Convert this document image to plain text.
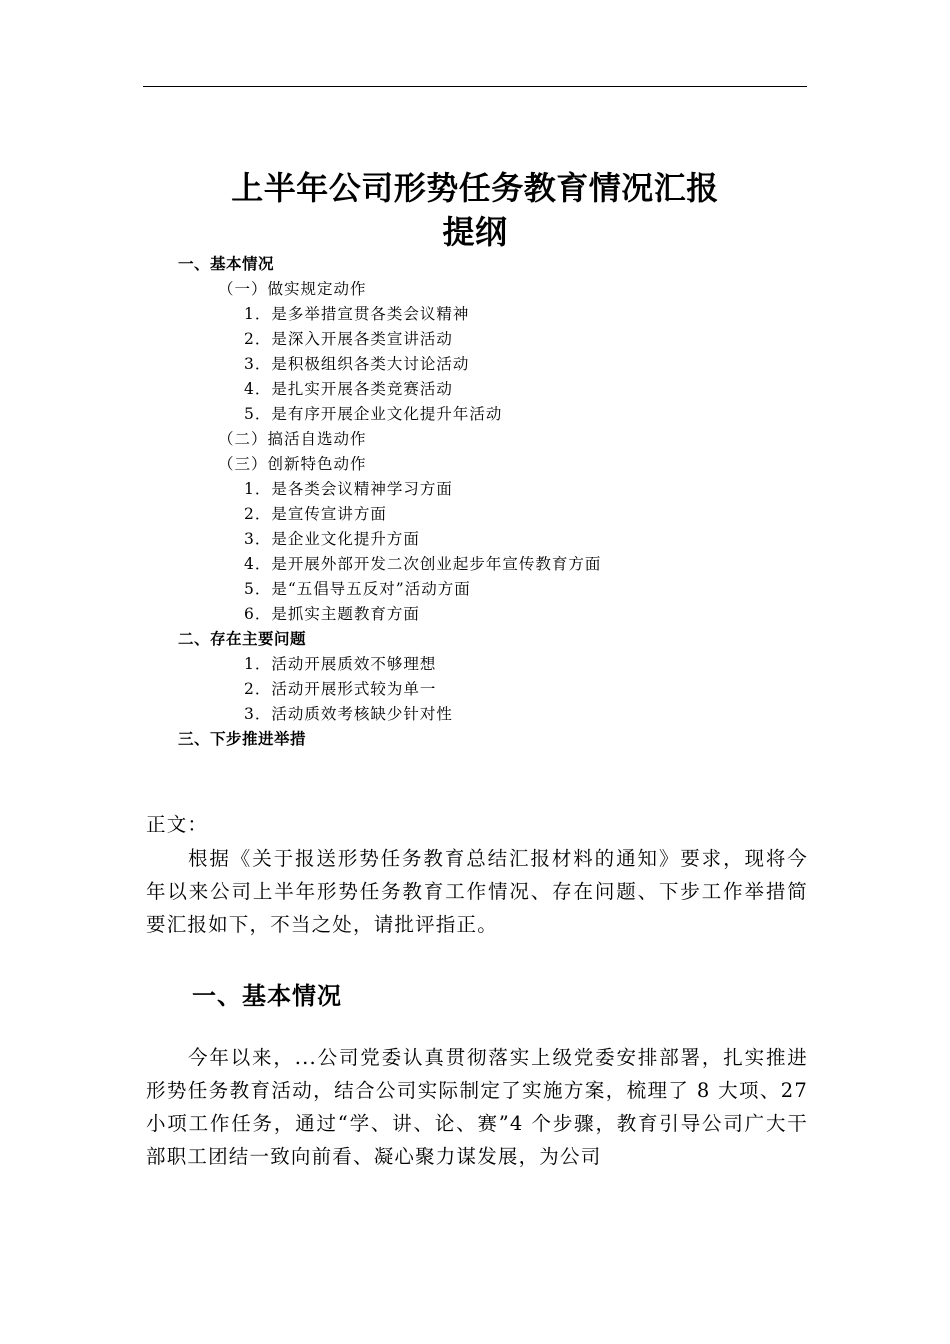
上半年公司形势任务教育情况汇报
提纲
一、基本情况
（一）做实规定动作
1．是多举措宣贯各类会议精神
2．是深入开展各类宣讲活动
3．是积极组织各类大讨论活动
4．是扎实开展各类竞赛活动
5．是有序开展企业文化提升年活动
（二）搞活自选动作
（三）创新特色动作
1．是各类会议精神学习方面
2．是宣传宣讲方面
3．是企业文化提升方面
4．是开展外部开发二次创业起步年宣传教育方面
5．是“五倡导五反对”活动方面
6．是抓实主题教育方面
二、存在主要问题
1．活动开展质效不够理想
2．活动开展形式较为单一
3．活动质效考核缺少针对性
三、下步推进举措
正文：
根据《关于报送形势任务教育总结汇报材料的通知》要求，现将今年以来公司上半年形势任务教育工作情况、存在问题、下步工作举措简要汇报如下，不当之处，请批评指正。
一、基本情况
今年以来，...公司党委认真贯彻落实上级党委安排部署，扎实推进形势任务教育活动，结合公司实际制定了实施方案，梳理了 8 大项、27 小项工作任务，通过“学、讲、论、赛”4 个步骤，教育引导公司广大干部职工团结一致向前看、凝心聚力谋发展，为公司
